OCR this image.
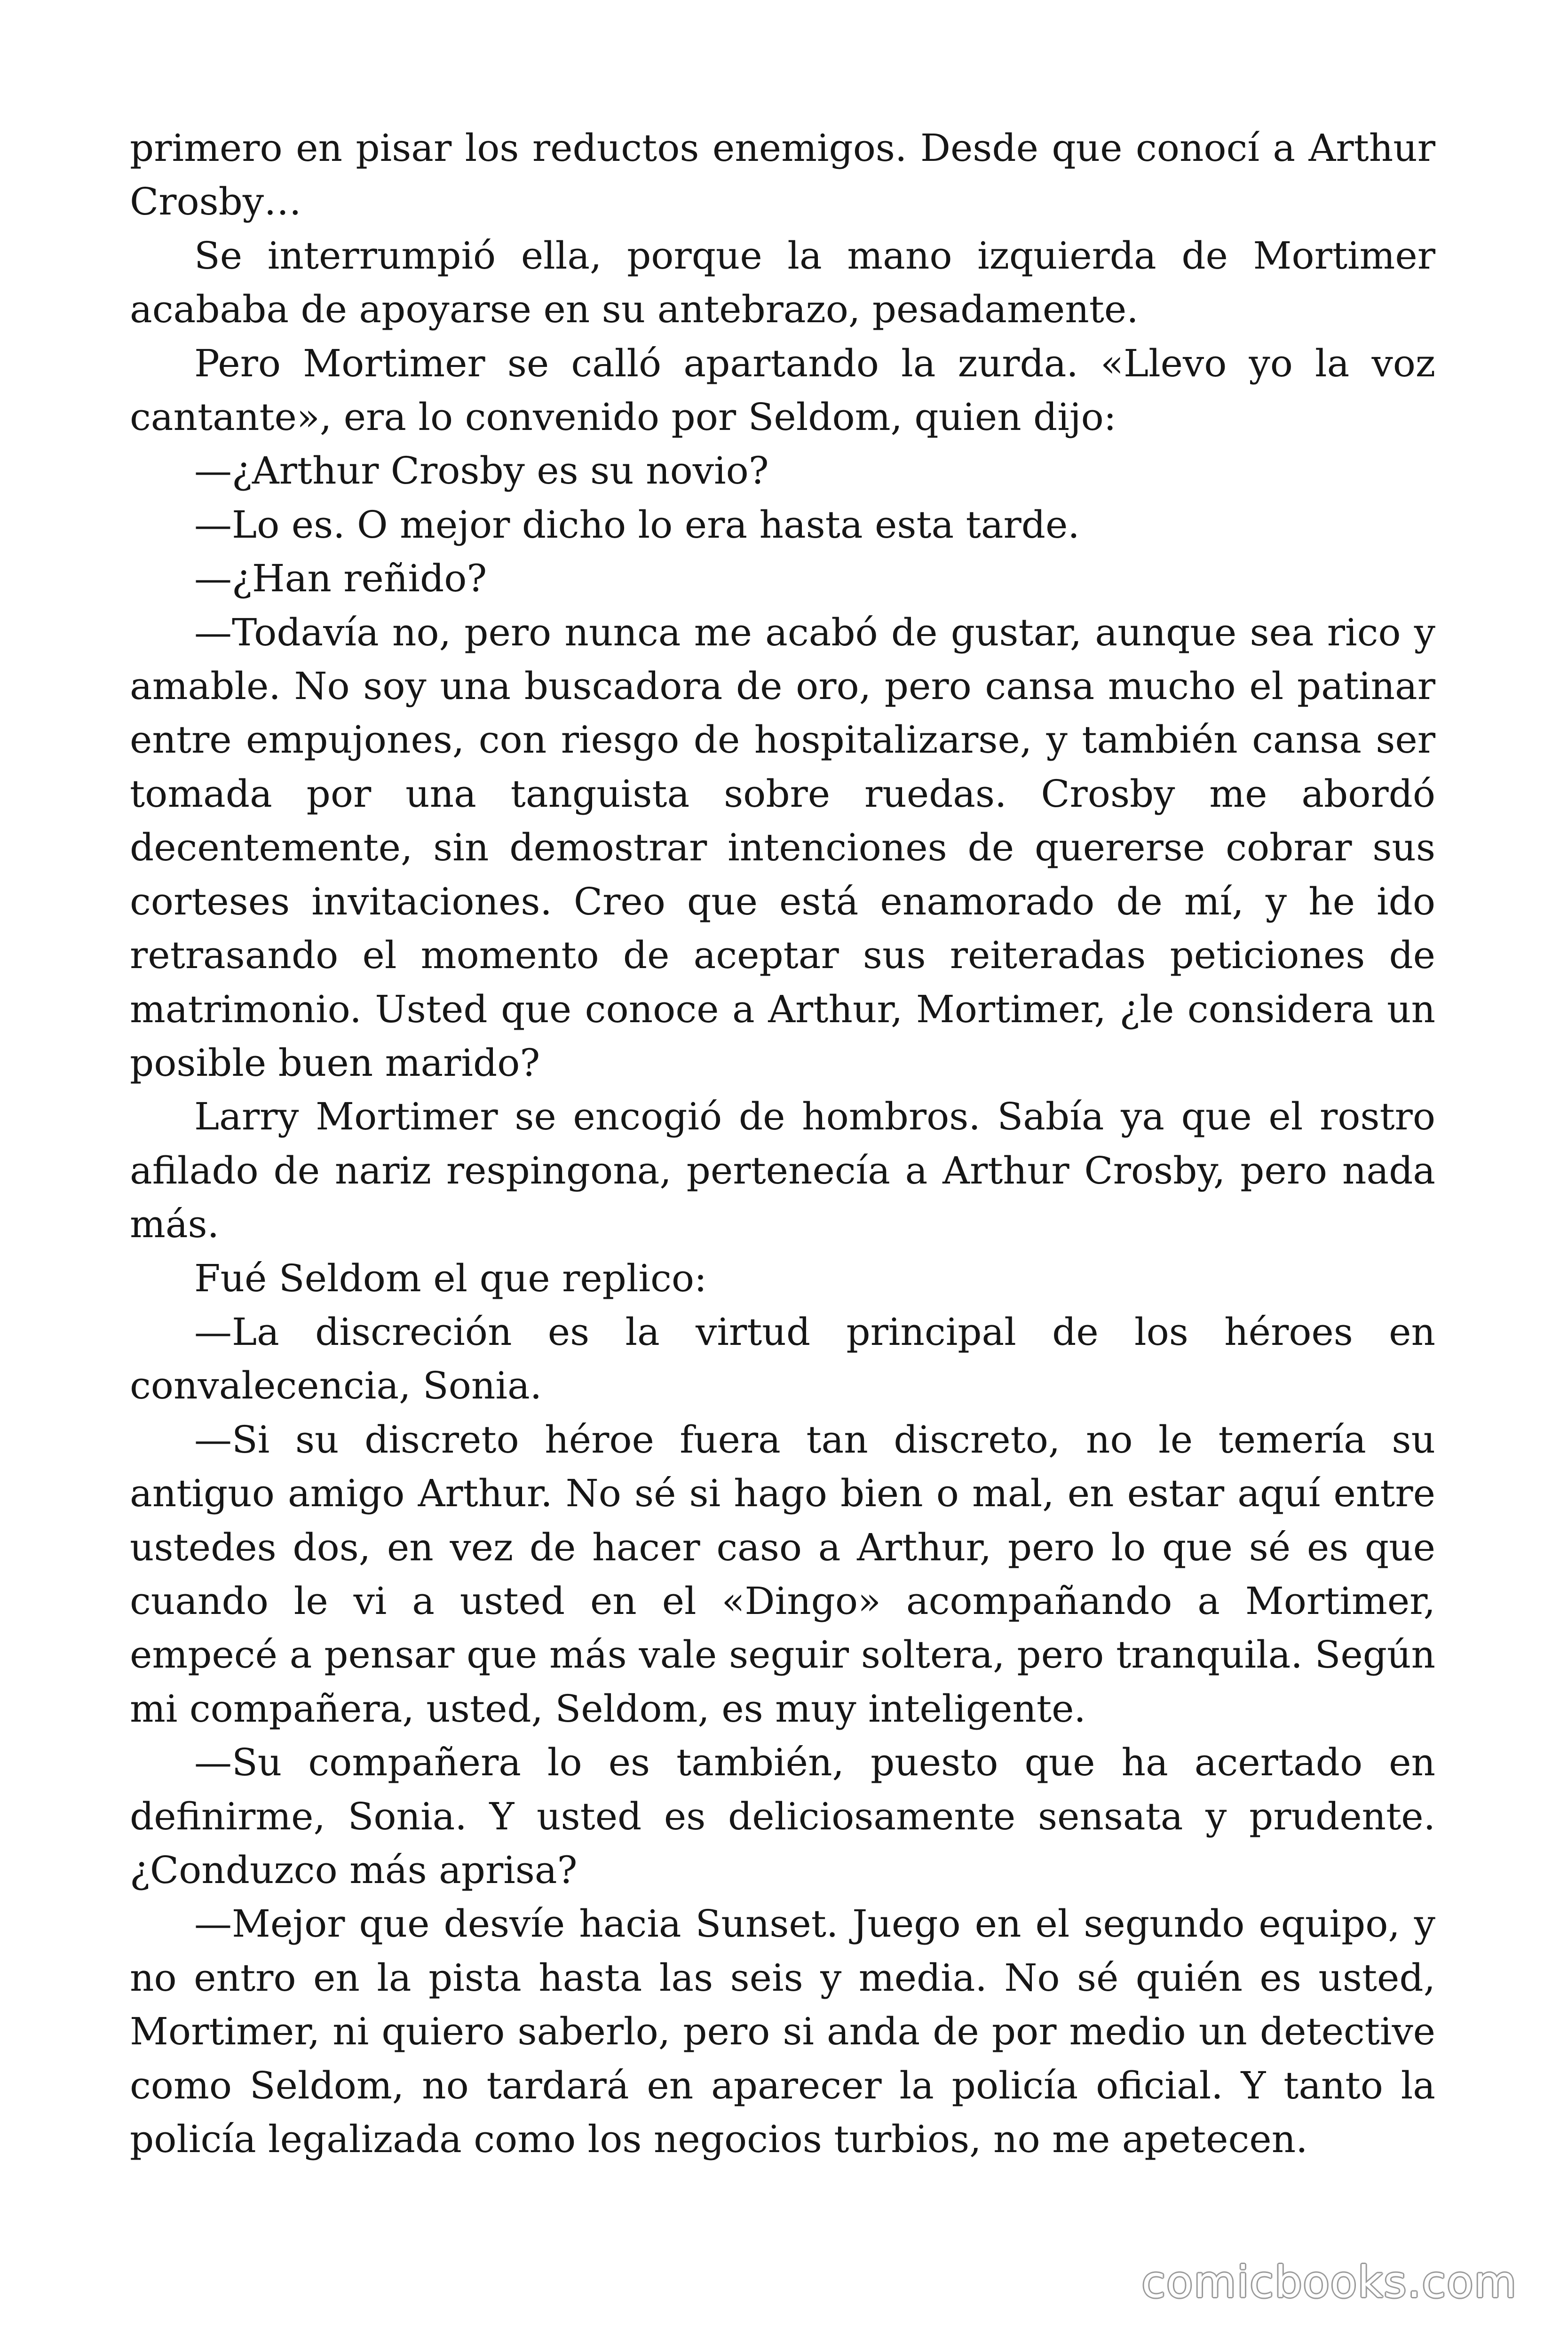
primero en pisar los reductos enemigos. Desde que conocí a Arthur Crosby…

Se interrumpió ella, porque la mano izquierda de Mortimer acababa de apoyarse en su antebrazo, pesadamente.

Pero Mortimer se calló apartando la zurda. «Llevo yo la voz cantante», era lo convenido por Seldom, quien dijo:

—¿Arthur Crosby es su novio?

—Lo es. O mejor dicho lo era hasta esta tarde.

—¿Han reñido?

—Todavía no, pero nunca me acabó de gustar, aunque sea rico y amable. No soy una buscadora de oro, pero cansa mucho el patinar entre empujones, con riesgo de hospitalizarse, y también cansa ser tomada por una tanguista sobre ruedas. Crosby me abordó decentemente, sin demostrar intenciones de quererse cobrar sus corteses invitaciones. Creo que está enamorado de mí, y he ido retrasando el momento de aceptar sus reiteradas peticiones de matrimonio. Usted que conoce a Arthur, Mortimer, ¿le considera un posible buen marido?

Larry Mortimer se encogió de hombros. Sabía ya que el rostro afilado de nariz respingona, pertenecía a Arthur Crosby, pero nada más.

Fué Seldom el que replico:

—La discreción es la virtud principal de los héroes en convalecencia, Sonia.

—Si su discreto héroe fuera tan discreto, no le temería su antiguo amigo Arthur. No sé si hago bien o mal, en estar aquí entre ustedes dos, en vez de hacer caso a Arthur, pero lo que sé es que cuando le vi a usted en el «Dingo» acompañando a Mortimer, empecé a pensar que más vale seguir soltera, pero tranquila. Según mi compañera, usted, Seldom, es muy inteligente.

—Su compañera lo es también, puesto que ha acertado en definirme, Sonia. Y usted es deliciosamente sensata y prudente. ¿Conduzco más aprisa?

—Mejor que desvíe hacia Sunset. Juego en el segundo equipo, y no entro en la pista hasta las seis y media. No sé quién es usted, Mortimer, ni quiero saberlo, pero si anda de por medio un detective como Seldom, no tardará en aparecer la policía oficial. Y tanto la policía legalizada como los negocios turbios, no me apetecen.

comicbooks.com
